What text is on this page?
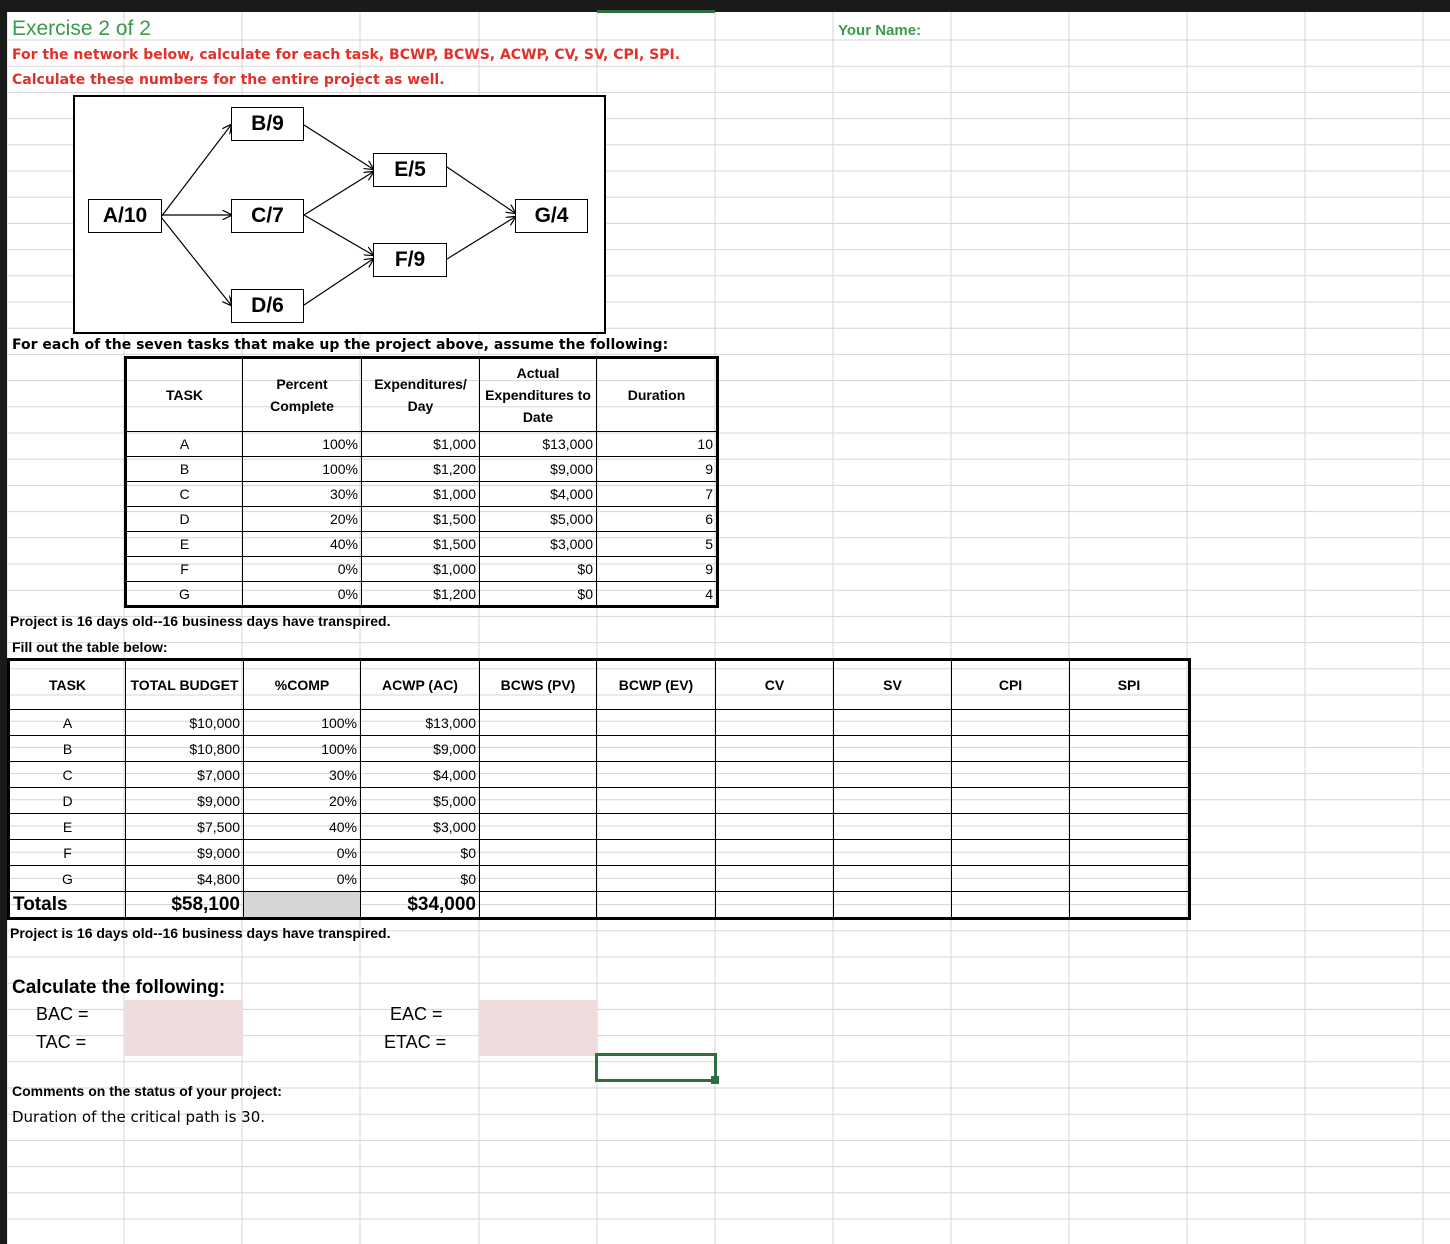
Exercise 2 of 2
For the network below, calculate for each task, BCWP, BCWS, ACWP, CV, SV, CPI, SPI.
Calculate these numbers for the entire project as well.
Your Name:
A/10
B/9
C/7
D/6
E/5
F/9
G/4
For each of the seven tasks that make up the project above, assume the following:
TASK	Percent Complete	Expenditures/ Day	Actual Expenditures to Date	Duration
A	100%	$1,000	$13,000	10
B	100%	$1,200	$9,000	9
C	30%	$1,000	$4,000	7
D	20%	$1,500	$5,000	6
E	40%	$1,500	$3,000	5
F	0%	$1,000	$0	9
G	0%	$1,200	$0	4
Project is 16 days old--16 business days have transpired.
Fill out the table below:
TASK	TOTAL BUDGET	%COMP	ACWP (AC)	BCWS (PV)	BCWP (EV)	CV	SV	CPI	SPI
A	$10,000	100%	$13,000						
B	$10,800	100%	$9,000						
C	$7,000	30%	$4,000						
D	$9,000	20%	$5,000						
E	$7,500	40%	$3,000						
F	$9,000	0%	$0						
G	$4,800	0%	$0						
Totals	$58,100		$34,000						
Project is 16 days old--16 business days have transpired.
Calculate the following:
BAC =
TAC =
EAC =
ETAC =
Comments on the status of your project:
Duration of the critical path is 30.
